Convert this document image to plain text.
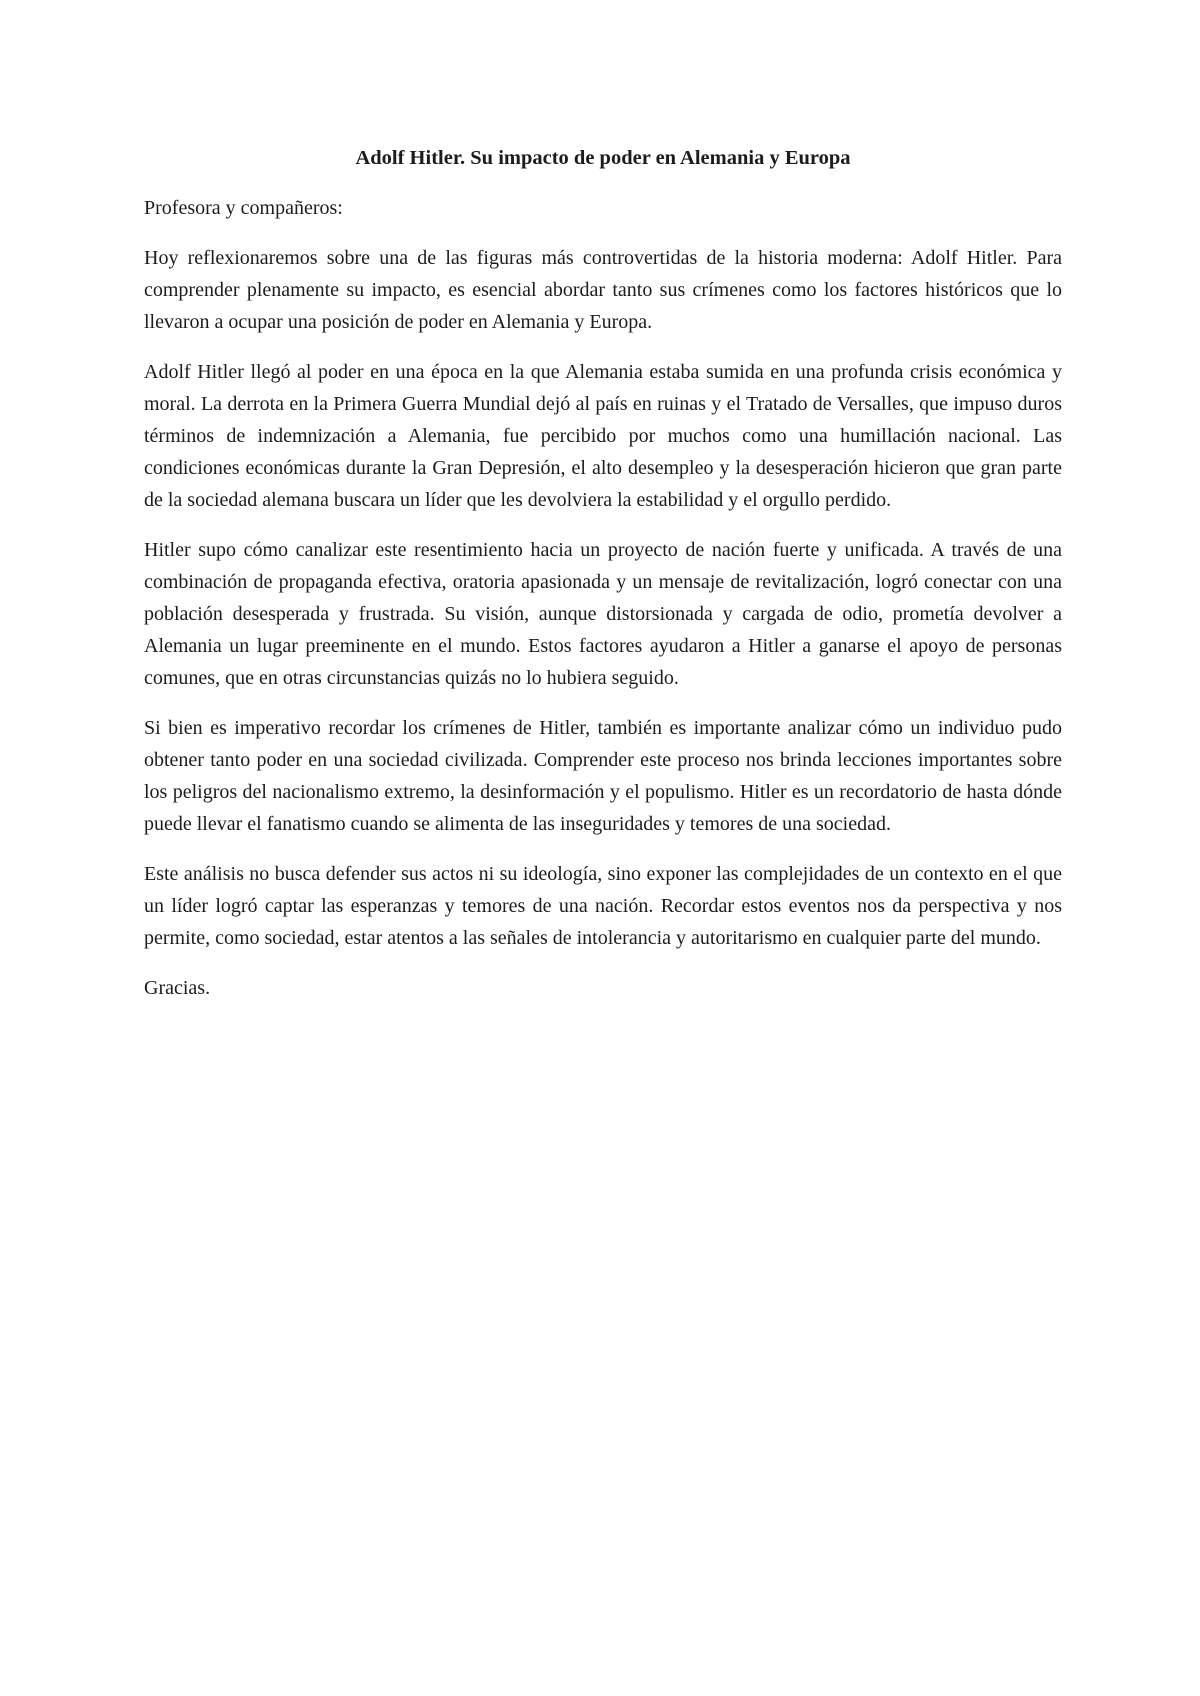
Adolf Hitler. Su impacto de poder en Alemania y Europa
Profesora y compañeros:

Hoy reflexionaremos sobre una de las figuras más controvertidas de la historia moderna: Adolf Hitler. Para comprender plenamente su impacto, es esencial abordar tanto sus crímenes como los factores históricos que lo llevaron a ocupar una posición de poder en Alemania y Europa.

Adolf Hitler llegó al poder en una época en la que Alemania estaba sumida en una profunda crisis económica y moral. La derrota en la Primera Guerra Mundial dejó al país en ruinas y el Tratado de Versalles, que impuso duros términos de indemnización a Alemania, fue percibido por muchos como una humillación nacional. Las condiciones económicas durante la Gran Depresión, el alto desempleo y la desesperación hicieron que gran parte de la sociedad alemana buscara un líder que les devolviera la estabilidad y el orgullo perdido.

Hitler supo cómo canalizar este resentimiento hacia un proyecto de nación fuerte y unificada. A través de una combinación de propaganda efectiva, oratoria apasionada y un mensaje de revitalización, logró conectar con una población desesperada y frustrada. Su visión, aunque distorsionada y cargada de odio, prometía devolver a Alemania un lugar preeminente en el mundo. Estos factores ayudaron a Hitler a ganarse el apoyo de personas comunes, que en otras circunstancias quizás no lo hubiera seguido.

Si bien es imperativo recordar los crímenes de Hitler, también es importante analizar cómo un individuo pudo obtener tanto poder en una sociedad civilizada. Comprender este proceso nos brinda lecciones importantes sobre los peligros del nacionalismo extremo, la desinformación y el populismo. Hitler es un recordatorio de hasta dónde puede llevar el fanatismo cuando se alimenta de las inseguridades y temores de una sociedad.

Este análisis no busca defender sus actos ni su ideología, sino exponer las complejidades de un contexto en el que un líder logró captar las esperanzas y temores de una nación. Recordar estos eventos nos da perspectiva y nos permite, como sociedad, estar atentos a las señales de intolerancia y autoritarismo en cualquier parte del mundo.

Gracias.
